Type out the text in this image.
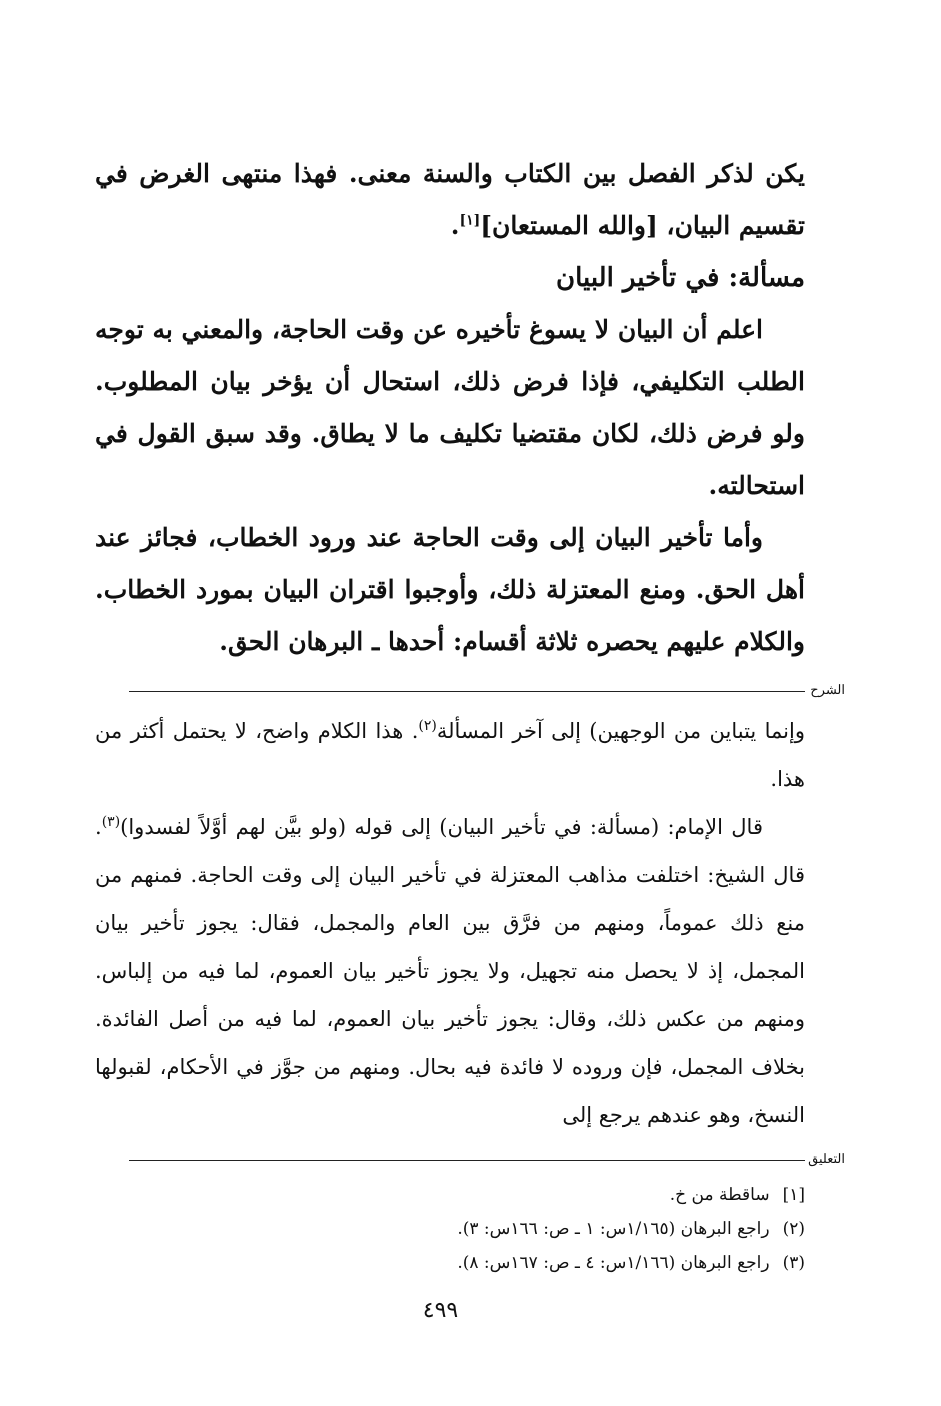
يكن لذكر الفصل بين الكتاب والسنة معنى. فهذا منتهى الغرض في تقسيم البيان، [والله المستعان][١].

مسألة: في تأخير البيان

اعلم أن البيان لا يسوغ تأخيره عن وقت الحاجة، والمعني به توجه الطلب التكليفي، فإذا فرض ذلك، استحال أن يؤخر بيان المطلوب. ولو فرض ذلك، لكان مقتضيا تكليف ما لا يطاق. وقد سبق القول في استحالته.

وأما تأخير البيان إلى وقت الحاجة عند ورود الخطاب، فجائز عند أهل الحق. ومنع المعتزلة ذلك، وأوجبوا اقتران البيان بمورد الخطاب. والكلام عليهم يحصره ثلاثة أقسام: أحدها ـ البرهان الحق.

الشرح

وإنما يتباين من الوجهين) إلى آخر المسألة$^{(٢)}$. هذا الكلام واضح، لا يحتمل أكثر من هذا.

قال الإمام: (مسألة: في تأخير البيان) إلى قوله (ولو بيَّن لهم أوَّلاً لفسدوا)$^{(٣)}$. قال الشيخ: اختلفت مذاهب المعتزلة في تأخير البيان إلى وقت الحاجة. فمنهم من منع ذلك عموماً، ومنهم من فرَّق بين العام والمجمل، فقال: يجوز تأخير بيان المجمل، إذ لا يحصل منه تجهيل، ولا يجوز تأخير بيان العموم، لما فيه من إلباس. ومنهم من عكس ذلك، وقال: يجوز تأخير بيان العموم، لما فيه من أصل الفائدة. بخلاف المجمل، فإن وروده لا فائدة فيه بحال. ومنهم من جوَّز في الأحكام، لقبولها النسخ، وهو عندهم يرجع إلى

التعليق
[١] ساقطة من خ.
(٢) راجع البرهان (١/١٦٥س: ١ ـ ص: ١٦٦س: ٣).
(٣) راجع البرهان (١/١٦٦س: ٤ ـ ص: ١٦٧س: ٨).
٤٩٩
